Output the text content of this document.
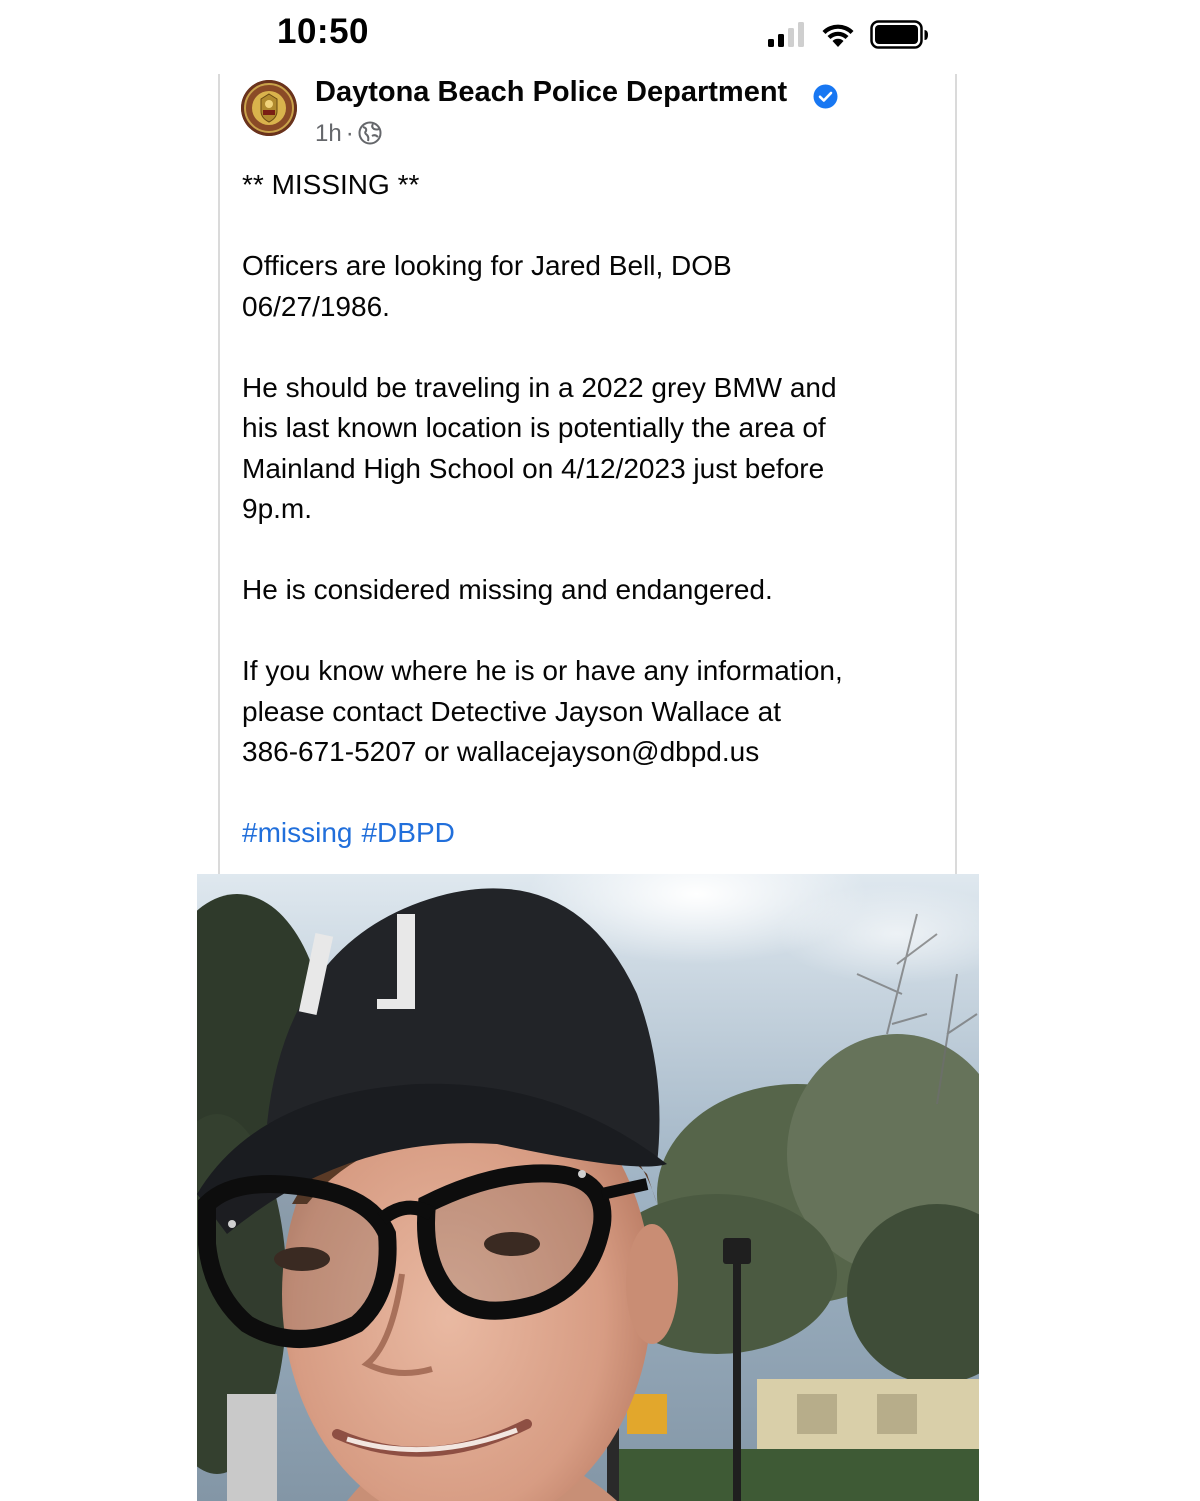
10:50
Daytona Beach Police Department
1h ·

** MISSING **

Officers are looking for Jared Bell, DOB
06/27/1986.

He should be traveling in a 2022 grey BMW and
his last known location is potentially the area of
Mainland High School on 4/12/2023 just before
9p.m.

He is considered missing and endangered.

If you know where he is or have any information,
please contact Detective Jayson Wallace at
386-671-5207 or wallacejayson@dbpd.us

#missing #DBPD
